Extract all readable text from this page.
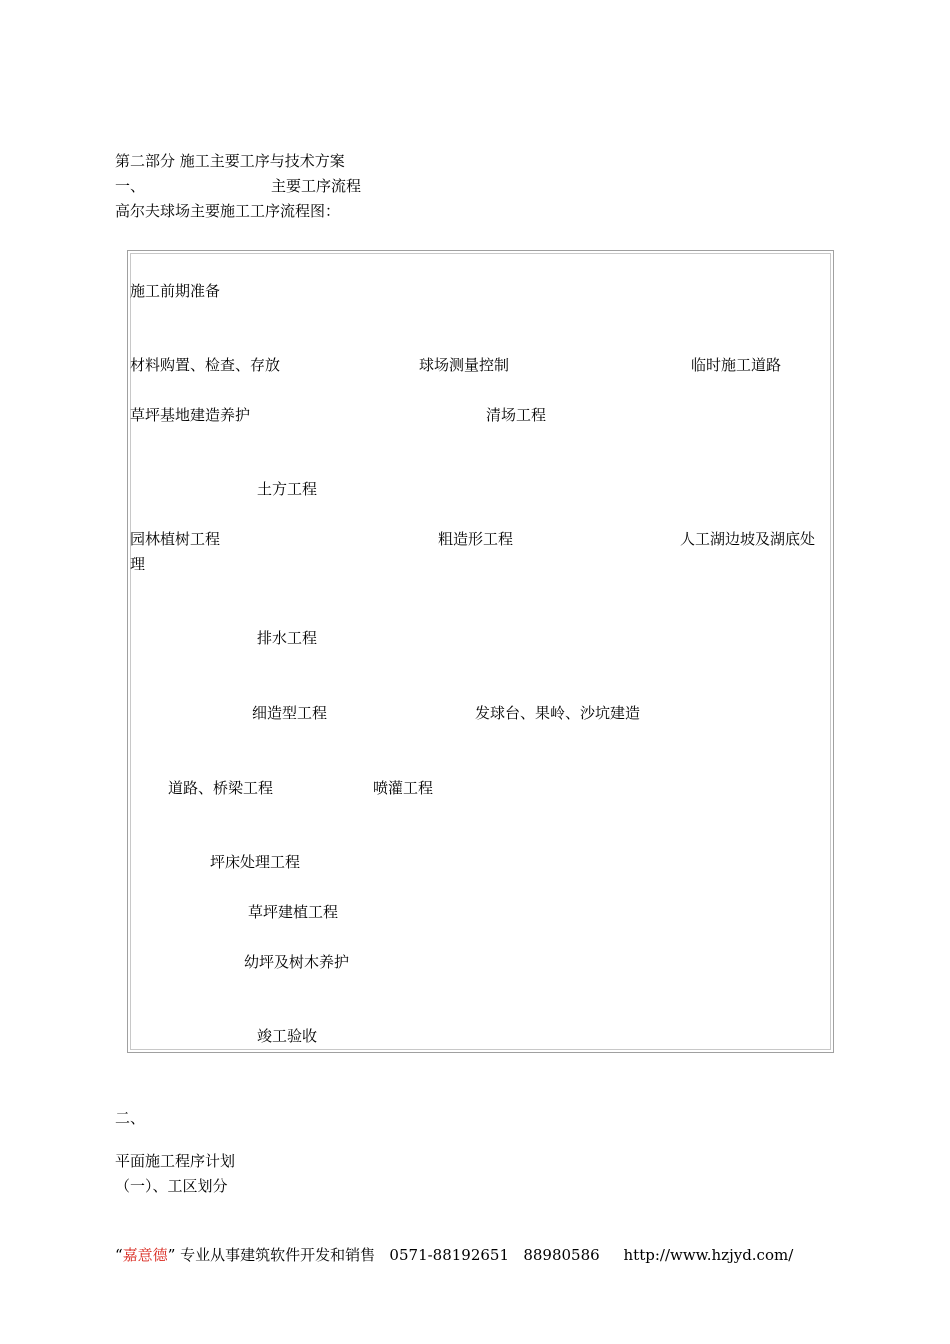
第二部分 施工主要工序与技术方案
一、	主要工序流程
高尔夫球场主要施工工序流程图：
施工前期准备
材料购置、检查、存放	球场测量控制	临时施工道路
草坪基地建造养护	清场工程
土方工程
园林植树工程	粗造形工程	人工湖边坡及湖底处
理
排水工程
细造型工程	发球台、果岭、沙坑建造
道路、桥梁工程	喷灌工程
坪床处理工程
草坪建植工程
幼坪及树木养护
竣工验收
二、
平面施工程序计划
（一）、工区划分
“嘉意德” 专业从事建筑软件开发和销售   0571-88192651   88980586     http://www.hzjyd.com/
